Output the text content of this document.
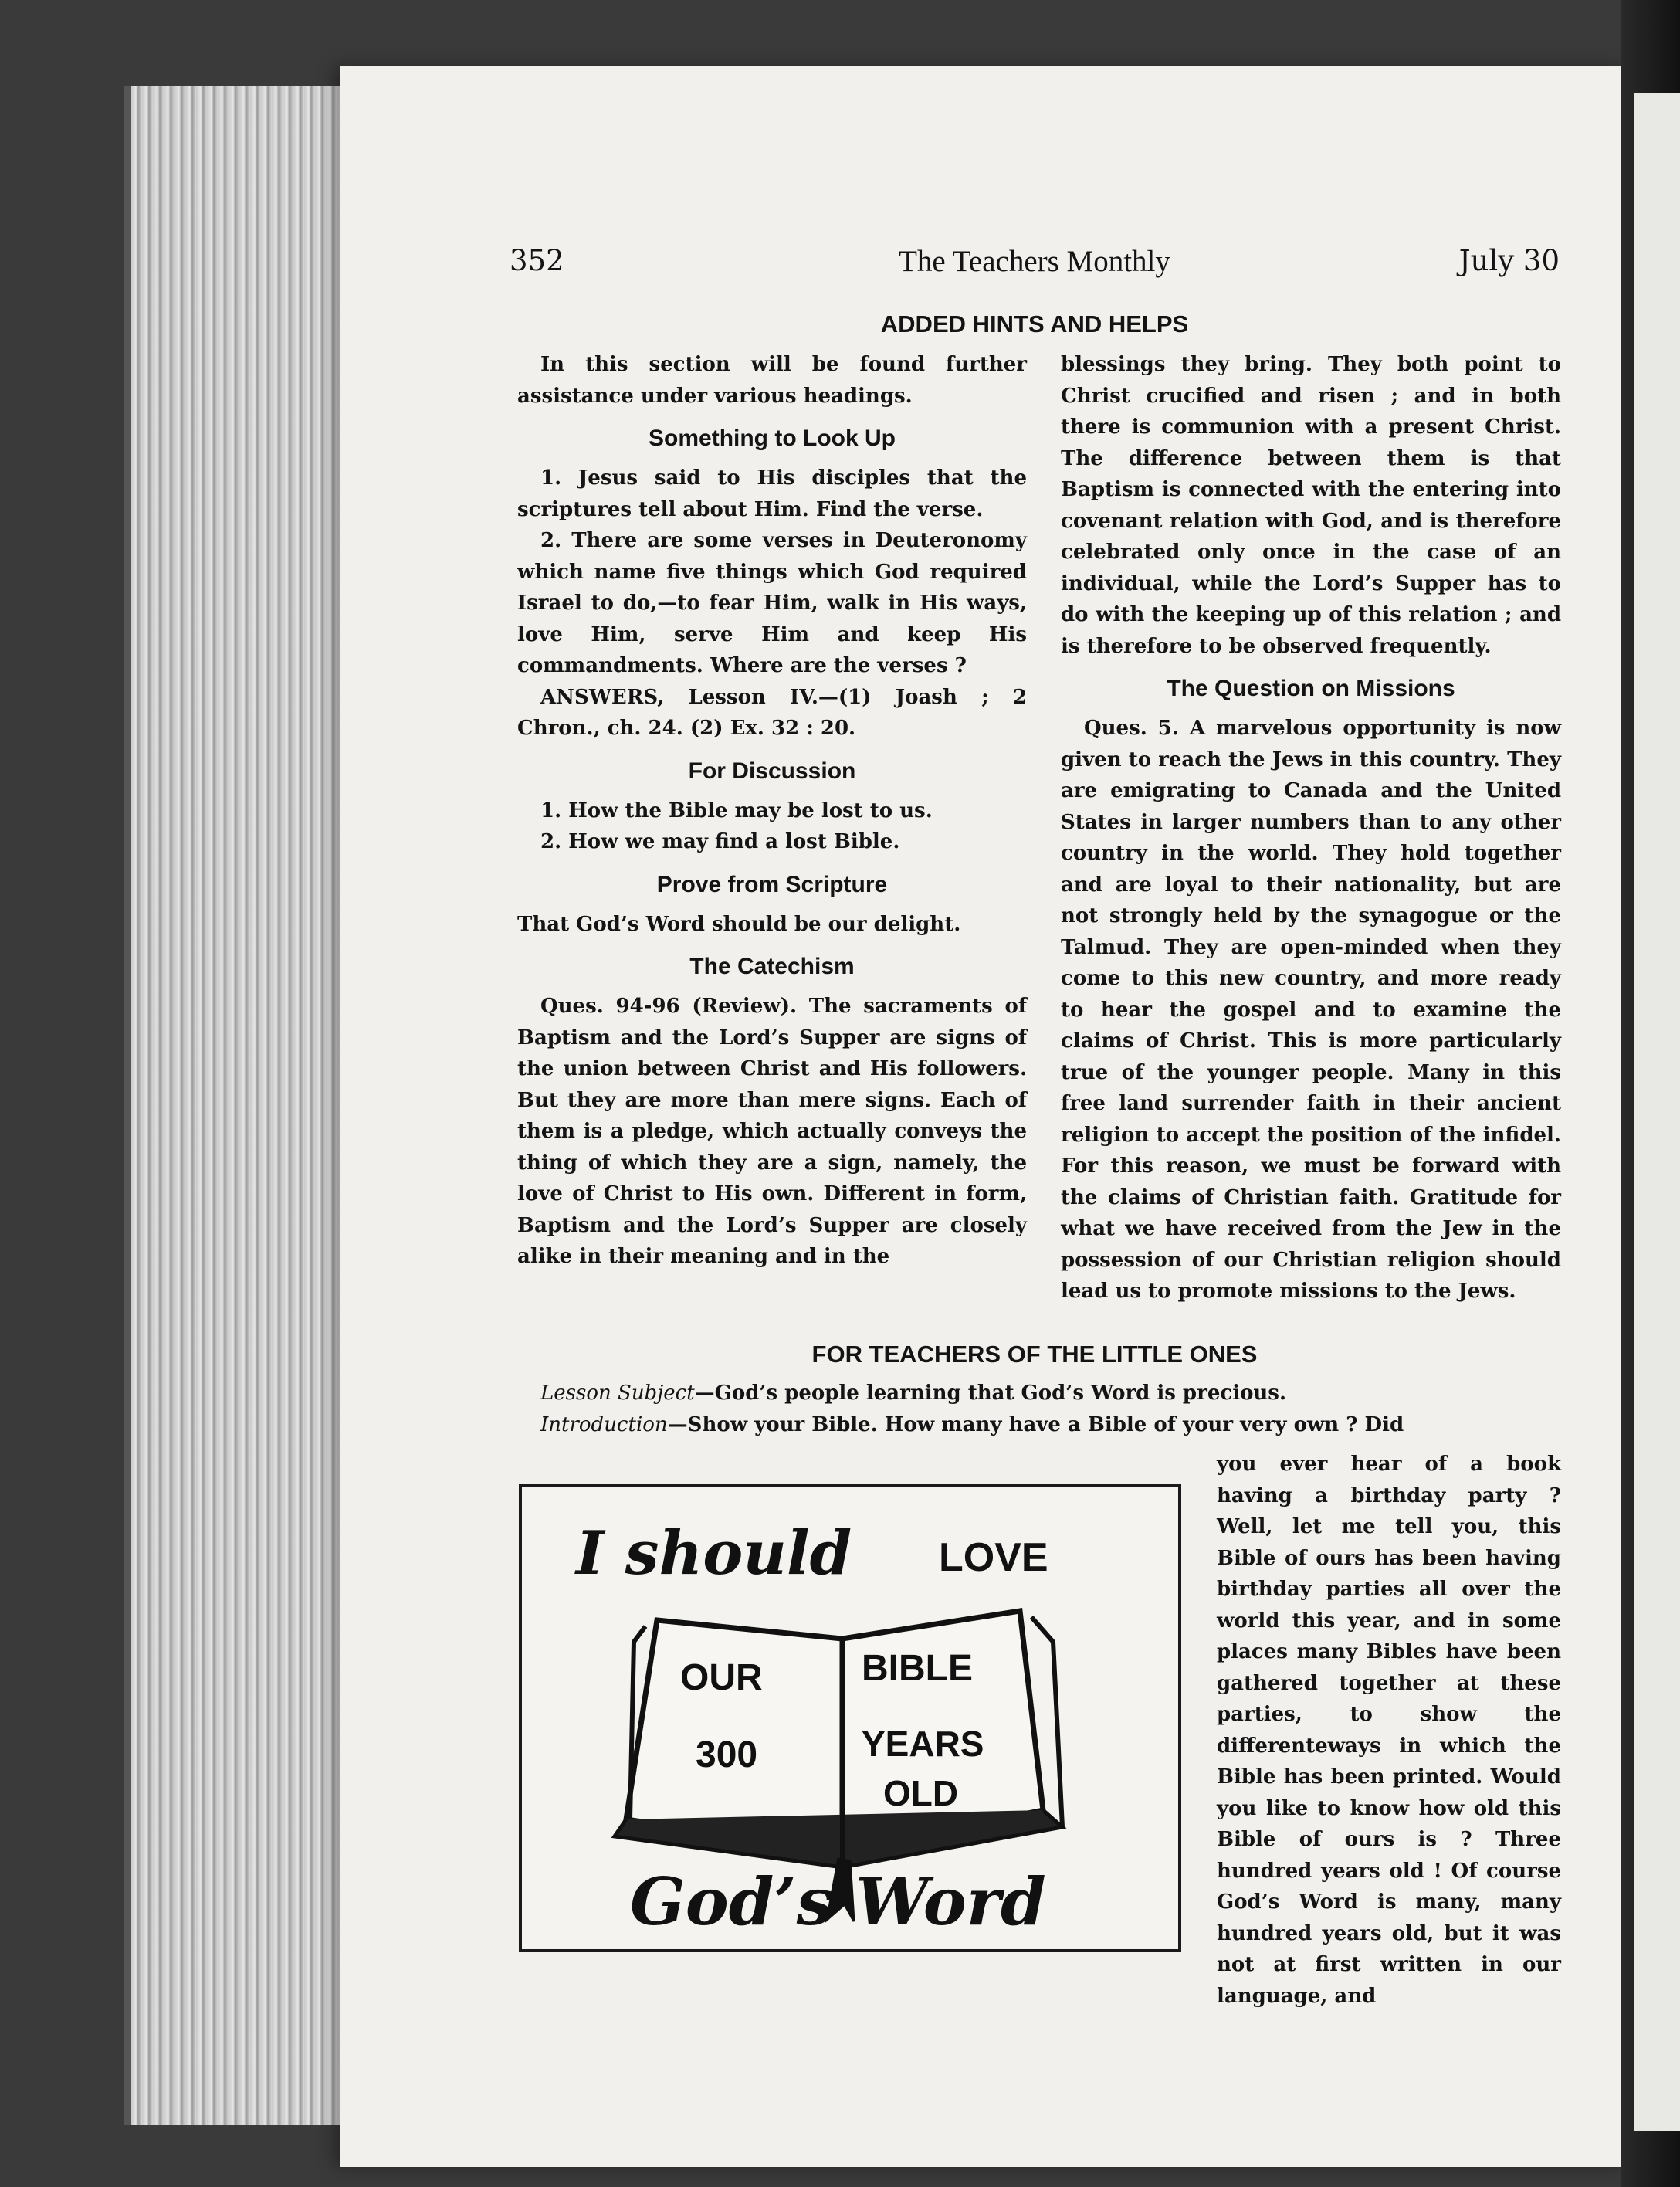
352	The Teachers Monthly	July 30
ADDED HINTS AND HELPS

In this section will be found further assistance under various headings.

Something to Look Up

1. Jesus said to His disciples that the scriptures tell about Him. Find the verse.

2. There are some verses in Deuteronomy which name five things which God required Israel to do,—to fear Him, walk in His ways, love Him, serve Him and keep His commandments. Where are the verses ?

ANSWERS, Lesson IV.—(1) Joash ; 2 Chron., ch. 24. (2) Ex. 32 : 20.

For Discussion

1. How the Bible may be lost to us.

2. How we may find a lost Bible.

Prove from Scripture

That God’s Word should be our delight.

The Catechism

Ques. 94-96 (Review). The sacraments of Baptism and the Lord’s Supper are signs of the union between Christ and His followers. But they are more than mere signs. Each of them is a pledge, which actually conveys the thing of which they are a sign, namely, the love of Christ to His own. Different in form, Baptism and the Lord’s Supper are closely alike in their meaning and in the

blessings they bring. They both point to Christ crucified and risen ; and in both there is communion with a present Christ. The difference between them is that Baptism is connected with the entering into covenant relation with God, and is therefore celebrated only once in the case of an individual, while the Lord’s Supper has to do with the keeping up of this relation ; and is therefore to be observed frequently.

The Question on Missions

Ques. 5. A marvelous opportunity is now given to reach the Jews in this country. They are emigrating to Canada and the United States in larger numbers than to any other country in the world. They hold together and are loyal to their nationality, but are not strongly held by the synagogue or the Talmud. They are open-minded when they come to this new country, and more ready to hear the gospel and to examine the claims of Christ. This is more particularly true of the younger people. Many in this free land surrender faith in their ancient religion to accept the position of the infidel. For this reason, we must be forward with the claims of Christian faith. Gratitude for what we have received from the Jew in the possession of our Christian religion should lead us to promote missions to the Jews.

FOR TEACHERS OF THE LITTLE ONES

Lesson Subject—God’s people learning that God’s Word is precious.

Introduction—Show your Bible. How many have a Bible of your very own ? Did

you ever hear of a book having a birthday party ? Well, let me tell you, this Bible of ours has been having birthday parties all over the world this year, and in some places many Bibles have been gathered together at these parties, to show the differenteways in which the Bible has been printed. Would you like to know how old this Bible of ours is ? Three hundred years old ! Of course God’s Word is many, many hundred years old, but it was not at first written in our language, and

I should LOVE
OUR	BIBLE
300	YEARS
OLD
God’s Word
